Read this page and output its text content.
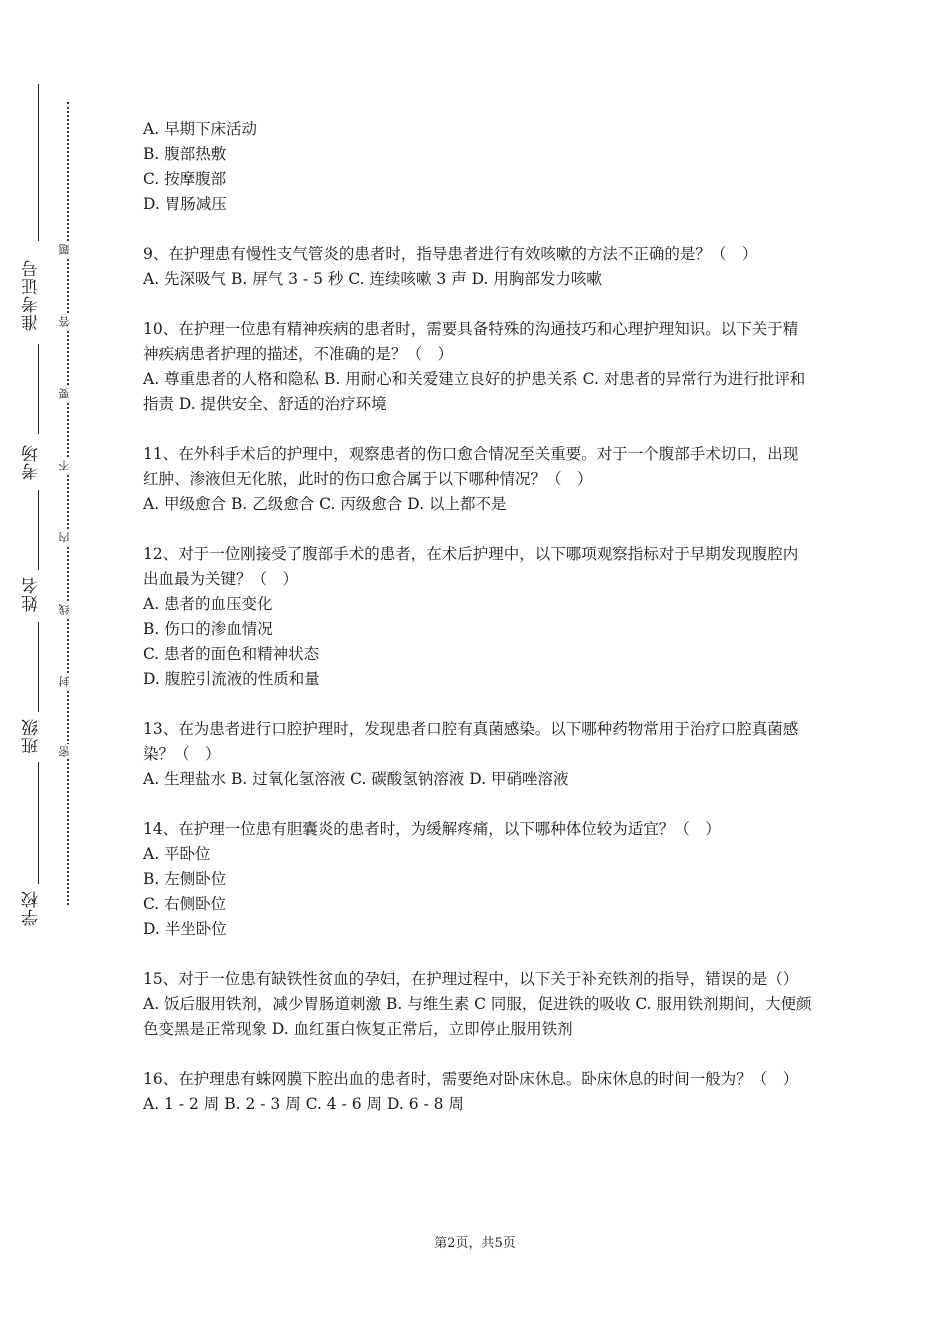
准考证号
考场
姓名
班级
学校
题
答
要
不
内
线
封
密

A. 早期下床活动

B. 腹部热敷

C. 按摩腹部

D. 胃肠减压

9、在护理患有慢性支气管炎的患者时，指导患者进行有效咳嗽的方法不正确的是？（　）

A. 先深吸气 B. 屏气 3 - 5 秒 C. 连续咳嗽 3 声 D. 用胸部发力咳嗽

10、在护理一位患有精神疾病的患者时，需要具备特殊的沟通技巧和心理护理知识。以下关于精神疾病患者护理的描述，不准确的是？（　）

A. 尊重患者的人格和隐私 B. 用耐心和关爱建立良好的护患关系 C. 对患者的异常行为进行批评和指责 D. 提供安全、舒适的治疗环境

11、在外科手术后的护理中，观察患者的伤口愈合情况至关重要。对于一个腹部手术切口，出现红肿、渗液但无化脓，此时的伤口愈合属于以下哪种情况？（　）

A. 甲级愈合 B. 乙级愈合 C. 丙级愈合 D. 以上都不是

12、对于一位刚接受了腹部手术的患者，在术后护理中，以下哪项观察指标对于早期发现腹腔内出血最为关键？（　）

A. 患者的血压变化

B. 伤口的渗血情况

C. 患者的面色和精神状态

D. 腹腔引流液的性质和量

13、在为患者进行口腔护理时，发现患者口腔有真菌感染。以下哪种药物常用于治疗口腔真菌感染？（　）

A. 生理盐水 B. 过氧化氢溶液 C. 碳酸氢钠溶液 D. 甲硝唑溶液

14、在护理一位患有胆囊炎的患者时，为缓解疼痛，以下哪种体位较为适宜？（　）

A. 平卧位

B. 左侧卧位

C. 右侧卧位

D. 半坐卧位

15、对于一位患有缺铁性贫血的孕妇，在护理过程中，以下关于补充铁剂的指导，错误的是（）

A. 饭后服用铁剂，减少胃肠道刺激 B. 与维生素 C 同服，促进铁的吸收 C. 服用铁剂期间，大便颜色变黑是正常现象 D. 血红蛋白恢复正常后，立即停止服用铁剂

16、在护理患有蛛网膜下腔出血的患者时，需要绝对卧床休息。卧床休息的时间一般为？（　）

A. 1 - 2 周 B. 2 - 3 周 C. 4 - 6 周 D. 6 - 8 周

第2页，共5页
